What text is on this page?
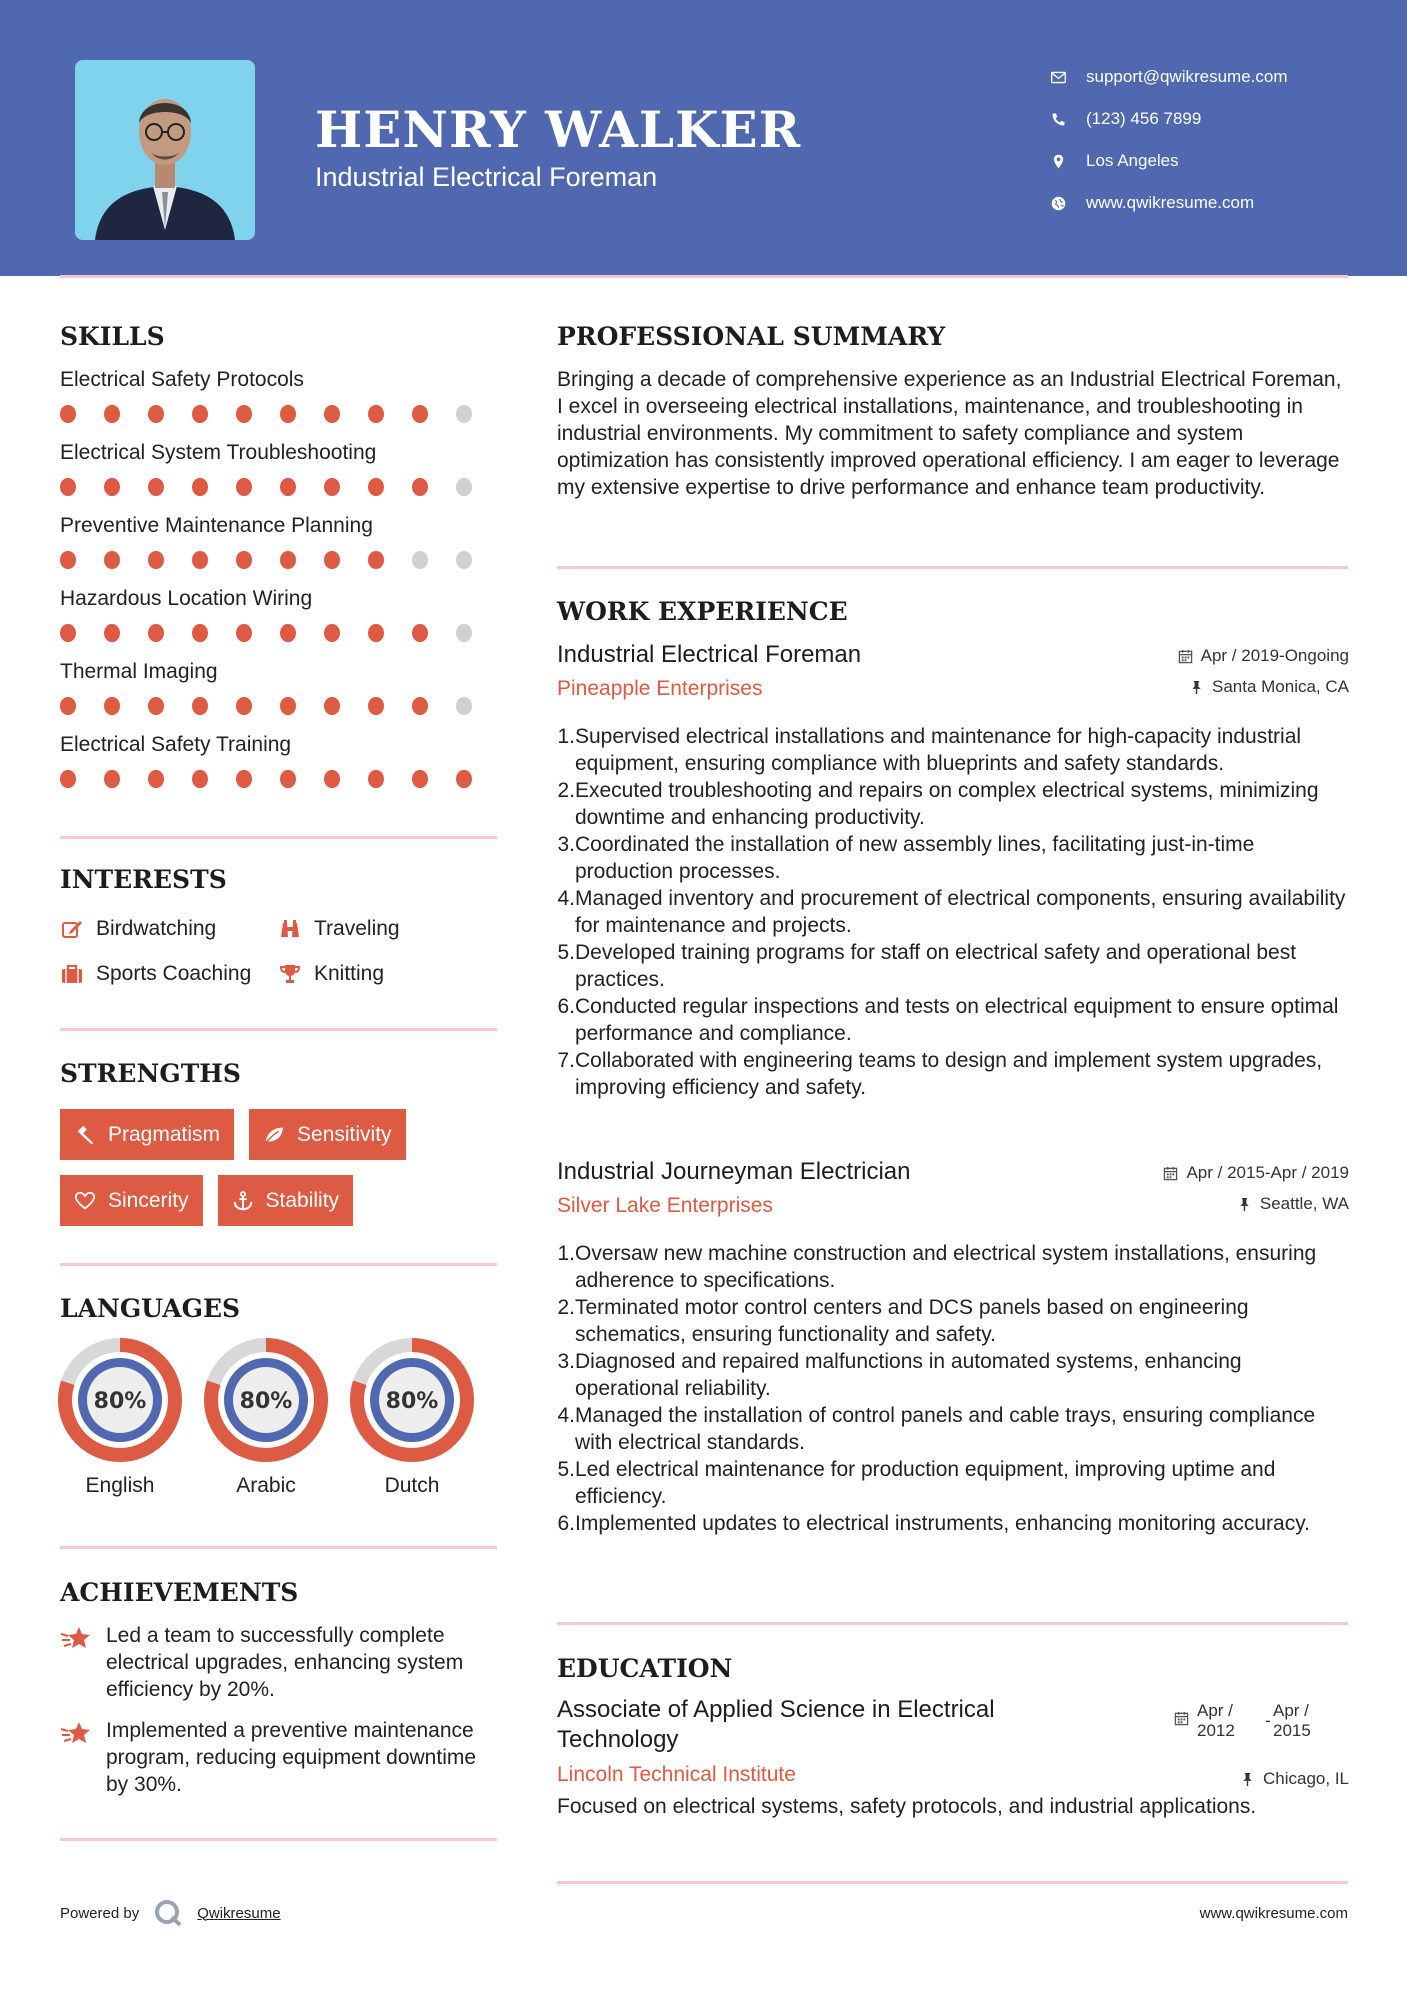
HENRY WALKER
Industrial Electrical Foreman
support@qwikresume.com
(123) 456 7899
Los Angeles
www.qwikresume.com
SKILLS
Electrical Safety Protocols
Electrical System Troubleshooting
Preventive Maintenance Planning
Hazardous Location Wiring
Thermal Imaging
Electrical Safety Training
INTERESTS
Birdwatching	Traveling
Sports Coaching	Knitting
STRENGTHS
Pragmatism	Sensitivity
Sincerity	Stability
LANGUAGES
80%
English
80%
Arabic
80%
Dutch
ACHIEVEMENTS
Led a team to successfully complete electrical upgrades, enhancing system efficiency by 20%.
Implemented a preventive maintenance program, reducing equipment downtime by 30%.
PROFESSIONAL SUMMARY
Bringing a decade of comprehensive experience as an Industrial Electrical Foreman, I excel in overseeing electrical installations, maintenance, and troubleshooting in industrial environments. My commitment to safety compliance and system optimization has consistently improved operational efficiency. I am eager to leverage my extensive expertise to drive performance and enhance team productivity.
WORK EXPERIENCE
Industrial Electrical Foreman
Pineapple Enterprises
Apr / 2019-Ongoing
Santa Monica, CA
1. Supervised electrical installations and maintenance for high-capacity industrial equipment, ensuring compliance with blueprints and safety standards.
2. Executed troubleshooting and repairs on complex electrical systems, minimizing downtime and enhancing productivity.
3. Coordinated the installation of new assembly lines, facilitating just-in-time production processes.
4. Managed inventory and procurement of electrical components, ensuring availability for maintenance and projects.
5. Developed training programs for staff on electrical safety and operational best practices.
6. Conducted regular inspections and tests on electrical equipment to ensure optimal performance and compliance.
7. Collaborated with engineering teams to design and implement system upgrades, improving efficiency and safety.
Industrial Journeyman Electrician
Silver Lake Enterprises
Apr / 2015-Apr / 2019
Seattle, WA
1. Oversaw new machine construction and electrical system installations, ensuring adherence to specifications.
2. Terminated motor control centers and DCS panels based on engineering schematics, ensuring functionality and safety.
3. Diagnosed and repaired malfunctions in automated systems, enhancing operational reliability.
4. Managed the installation of control panels and cable trays, ensuring compliance with electrical standards.
5. Led electrical maintenance for production equipment, improving uptime and efficiency.
6. Implemented updates to electrical instruments, enhancing monitoring accuracy.
EDUCATION
Associate of Applied Science in Electrical Technology
Apr /
2012
-
Apr /
2015
Lincoln Technical Institute	Chicago, IL
Focused on electrical systems, safety protocols, and industrial applications.
Powered by	Qwikresume	www.qwikresume.com
